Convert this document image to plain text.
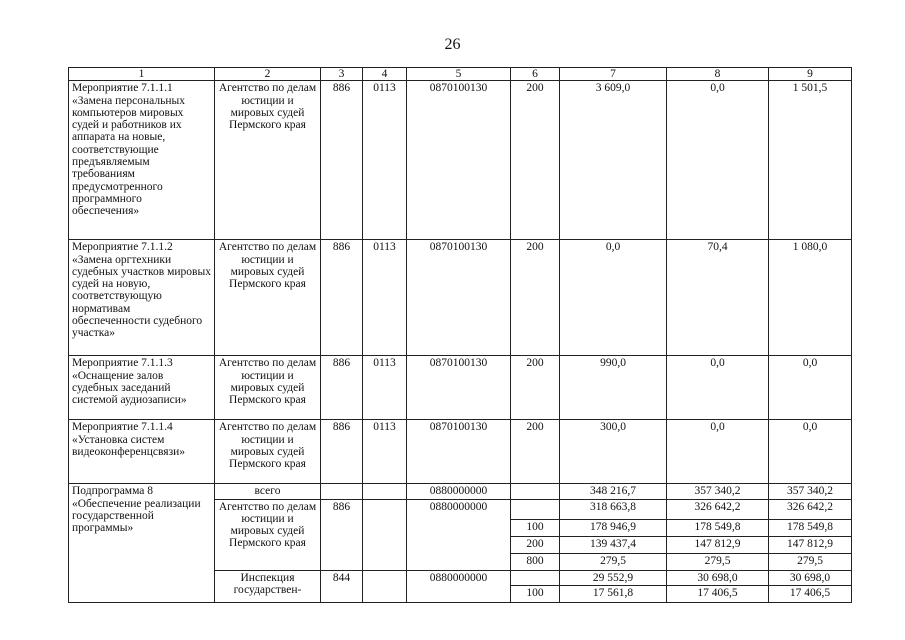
26
1	2	3	4	5	6	7	8	9
Мероприятие 7.1.1.1 «Замена персональных компьютеров мировых судей и работников их аппарата на новые, соответствующие предъявляемым требованиям предусмотренного программного обеспечения»	Агентство по делам юстиции и мировых судей Пермского края	886	0113	0870100130	200	3 609,0	0,0	1 501,5
Мероприятие 7.1.1.2 «Замена оргтехники судебных участков мировых судей на новую, соответствующую нормативам обеспеченности судебного участка»	Агентство по делам юстиции и мировых судей Пермского края	886	0113	0870100130	200	0,0	70,4	1 080,0
Мероприятие 7.1.1.3 «Оснащение залов судебных заседаний системой аудиозаписи»	Агентство по делам юстиции и мировых судей Пермского края	886	0113	0870100130	200	990,0	0,0	0,0
Мероприятие 7.1.1.4 «Установка систем видеоконференцсвязи»	Агентство по делам юстиции и мировых судей Пермского края	886	0113	0870100130	200	300,0	0,0	0,0
Подпрограмма 8 «Обеспечение реализации государственной программы»	всего			0880000000		348 216,7	357 340,2	357 340,2
	Агентство по делам юстиции и мировых судей Пермского края	886		0880000000		318 663,8	326 642,2	326 642,2
					100	178 946,9	178 549,8	178 549,8
					200	139 437,4	147 812,9	147 812,9
					800	279,5	279,5	279,5
	Инспекция государствен-	844		0880000000		29 552,9	30 698,0	30 698,0
					100	17 561,8	17 406,5	17 406,5
